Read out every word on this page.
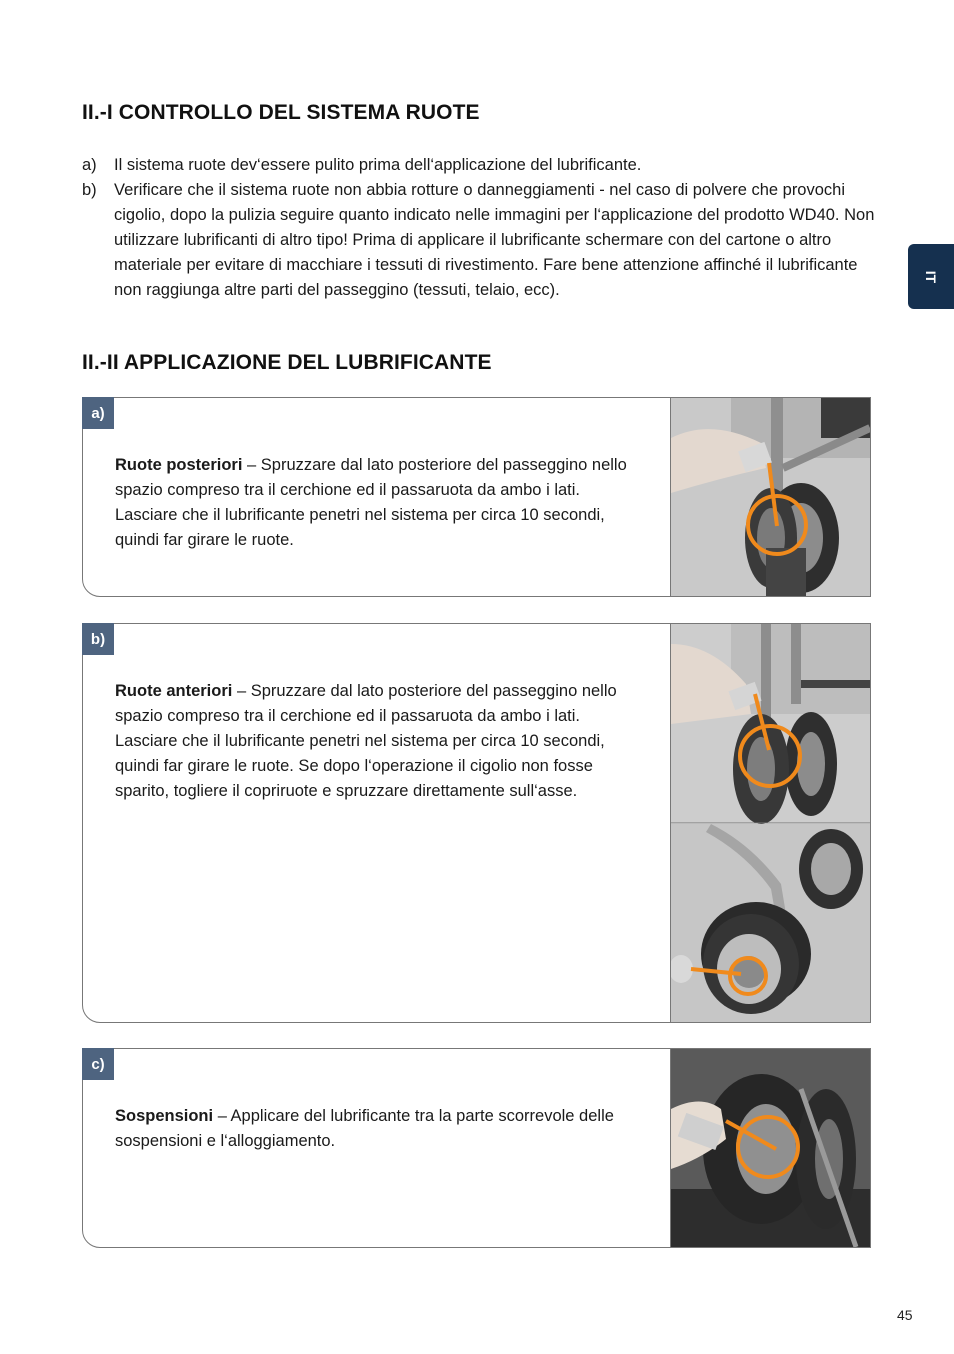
II.-I CONTROLLO DEL SISTEMA RUOTE
a) Il sistema ruote dev‘essere pulito prima dell‘applicazione del lubrificante.
b) Verificare che il sistema ruote non abbia rotture o danneggiamenti - nel caso di polvere che provochi cigolio, dopo la pulizia seguire quanto indicato nelle immagini per l‘applicazione del prodotto WD40. Non utilizzare lubrificanti di altro tipo! Prima di applicare il lubrificante schermare con del cartone o altro materiale per evitare di macchiare i tessuti di rivestimento. Fare bene attenzione affinché il lubrificante non raggiunga altre parti del passeggino (tessuti, telaio, ecc).
IT
II.-II APPLICAZIONE DEL LUBRIFICANTE
a)

Ruote posteriori – Spruzzare dal lato posteriore del passeggino nello spazio compreso tra il cerchione ed il passaruota da ambo i lati. Lasciare che il lubrificante penetri nel sistema per circa 10 secondi, quindi far girare le ruote.

b)

Ruote anteriori – Spruzzare dal lato posteriore del passeggino nello spazio compreso tra il cerchione ed il passaruota da ambo i lati. Lasciare che il lubrificante penetri nel sistema per circa 10 secondi, quindi far girare le ruote. Se dopo l‘operazione il cigolio non fosse sparito, togliere il copriruote e spruzzare direttamente sull‘asse.

c)

Sospensioni – Applicare del lubrificante tra la parte scorrevole delle sospensioni e l‘alloggiamento.

45
